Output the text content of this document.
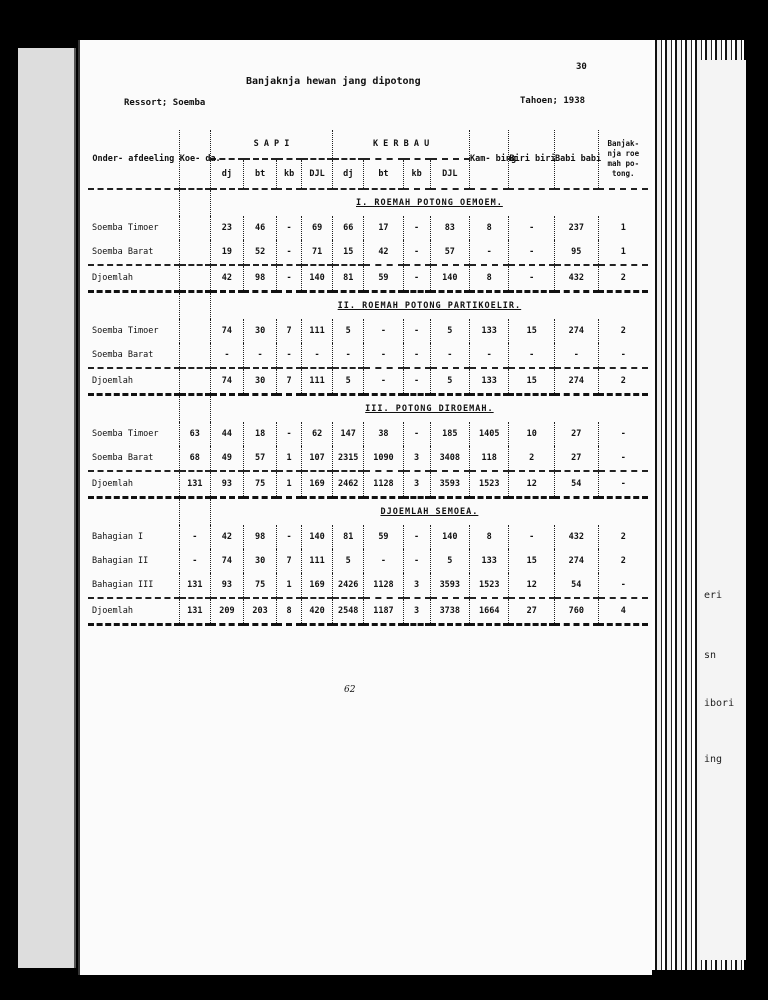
eri
sn
ibori
ing
30
Banjaknja hewan jang dipotong
Ressort; Soemba	Tahoen; 1938
Onder- afdeeling	Koe- da.	S A P I				K E R B A U				Kam- bing	Biri biri	Babi babi	Banjak- nja roe mah po- tong.
		dj	bt	kb	DJL	dj	bt	kb	DJL				
		I. ROEMAH POTONG OEMOEM.											
Soemba Timoer		23	46	-	69	66	17	-	83	8	-	237	1
Soemba Barat		19	52	-	71	15	42	-	57	-	-	95	1
Djoemlah		42	98	-	140	81	59	-	140	8	-	432	2
		II. ROEMAH POTONG PARTIKOELIR.											
Soemba Timoer		74	30	7	111	5	-	-	5	133	15	274	2
Soemba Barat		-	-	-	-	-	-	-	-	-	-	-	-
Djoemlah		74	30	7	111	5	-	-	5	133	15	274	2
		III. POTONG DIROEMAH.											
Soemba Timoer	63	44	18	-	62	147	38	-	185	1405	10	27	-
Soemba Barat	68	49	57	1	107	2315	1090	3	3408	118	2	27	-
Djoemlah	131	93	75	1	169	2462	1128	3	3593	1523	12	54	-
		DJOEMLAH SEMOEA.											
Bahagian I	-	42	98	-	140	81	59	-	140	8	-	432	2
Bahagian II	-	74	30	7	111	5	-	-	5	133	15	274	2
Bahagian III	131	93	75	1	169	2426	1128	3	3593	1523	12	54	-
Djoemlah	131	209	203	8	420	2548	1187	3	3738	1664	27	760	4

62
